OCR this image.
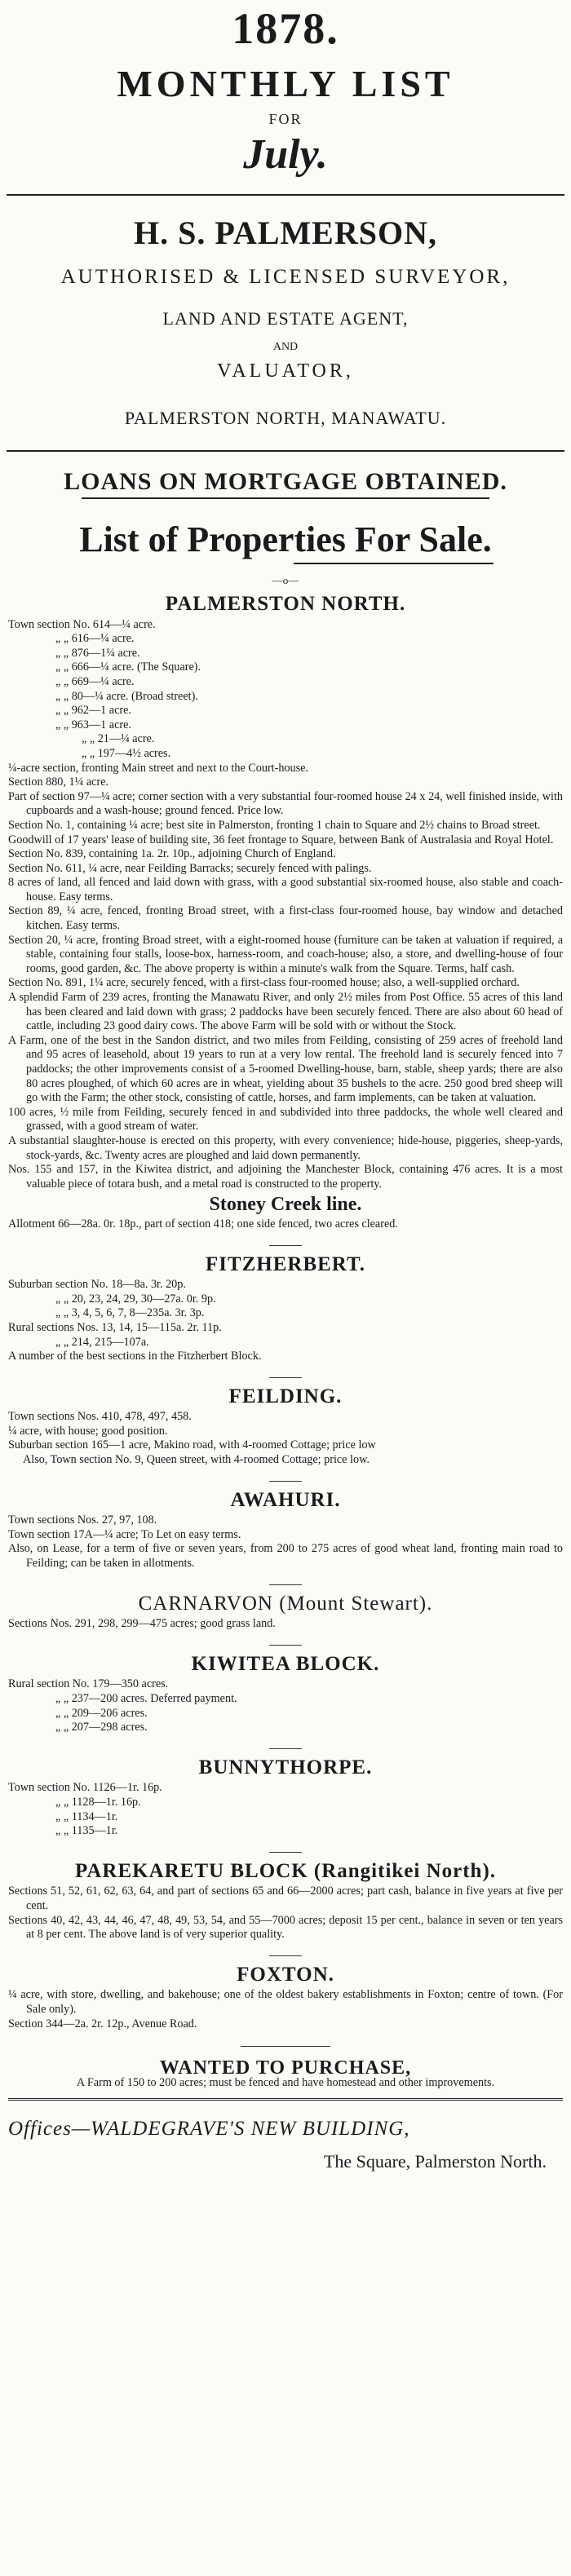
1878.
MONTHLY LIST
FOR
July.
H. S. PALMERSON,
AUTHORISED & LICENSED SURVEYOR,
LAND AND ESTATE AGENT,
AND
VALUATOR,
PALMERSTON NORTH, MANAWATU.
LOANS ON MORTGAGE OBTAINED.
List of Properties For Sale.
—o—
PALMERSTON NORTH.
Town section No. 614—¼ acre.
„ „ 616—¼ acre.
„ „ 876—1¼ acre.
„ „ 666—¼ acre. (The Square).
„ „ 669—¼ acre.
„ „ 80—¼ acre. (Broad street).
„ „ 962—1 acre.
„ „ 963—1 acre.
„ „ 21—¼ acre.
„ „ 197—4½ acres.
¼-acre section, fronting Main street and next to the Court-house.
Section 880, 1¼ acre.
Part of section 97—¼ acre; corner section with a very substantial four-roomed house 24 x 24, well finished inside, with cupboards and a wash-house; ground fenced. Price low.
Section No. 1, containing ¼ acre; best site in Palmerston, fronting 1 chain to Square and 2½ chains to Broad street.
Goodwill of 17 years' lease of building site, 36 feet frontage to Square, between Bank of Australasia and Royal Hotel.
Section No. 839, containing 1a. 2r. 10p., adjoining Church of England.
Section No. 611, ¼ acre, near Feilding Barracks; securely fenced with palings.
8 acres of land, all fenced and laid down with grass, with a good substantial six-roomed house, also stable and coach-house. Easy terms.
Section 89, ¼ acre, fenced, fronting Broad street, with a first-class four-roomed house, bay window and detached kitchen. Easy terms.
Section 20, ¼ acre, fronting Broad street, with a eight-roomed house (furniture can be taken at valuation if required, a stable, containing four stalls, loose-box, harness-room, and coach-house; also, a store, and dwelling-house of four rooms, good garden, &c. The above property is within a minute's walk from the Square. Terms, half cash.
Section No. 891, 1¼ acre, securely fenced, with a first-class four-roomed house; also, a well-supplied orchard.
A splendid Farm of 239 acres, fronting the Manawatu River, and only 2½ miles from Post Office. 55 acres of this land has been cleared and laid down with grass; 2 paddocks have been securely fenced. There are also about 60 head of cattle, including 23 good dairy cows. The above Farm will be sold with or without the Stock.
A Farm, one of the best in the Sandon district, and two miles from Feilding, consisting of 259 acres of freehold land and 95 acres of leasehold, about 19 years to run at a very low rental. The freehold land is securely fenced into 7 paddocks; the other improvements consist of a 5-roomed Dwelling-house, barn, stable, sheep yards; there are also 80 acres ploughed, of which 60 acres are in wheat, yielding about 35 bushels to the acre. 250 good bred sheep will go with the Farm; the other stock, consisting of cattle, horses, and farm implements, can be taken at valuation.
100 acres, ½ mile from Feilding, securely fenced in and subdivided into three paddocks, the whole well cleared and grassed, with a good stream of water.
A substantial slaughter-house is erected on this property, with every convenience; hide-house, piggeries, sheep-yards, stock-yards, &c. Twenty acres are ploughed and laid down permanently.
Nos. 155 and 157, in the Kiwitea district, and adjoining the Manchester Block, containing 476 acres. It is a most valuable piece of totara bush, and a metal road is constructed to the property.
Stoney Creek line.
Allotment 66—28a. 0r. 18p., part of section 418; one side fenced, two acres cleared.
FITZHERBERT.
Suburban section No. 18—8a. 3r. 20p.
„ „ 20, 23, 24, 29, 30—27a. 0r. 9p.
„ „ 3, 4, 5, 6, 7, 8—235a. 3r. 3p.
Rural sections Nos. 13, 14, 15—115a. 2r. 11p.
„ „ 214, 215—107a.
A number of the best sections in the Fitzherbert Block.
FEILDING.
Town sections Nos. 410, 478, 497, 458.
¼ acre, with house; good position.
Suburban section 165—1 acre, Makino road, with 4-roomed Cottage; price low
Also, Town section No. 9, Queen street, with 4-roomed Cottage; price low.
AWAHURI.
Town sections Nos. 27, 97, 108.
Town section 17A—¼ acre; To Let on easy terms.
Also, on Lease, for a term of five or seven years, from 200 to 275 acres of good wheat land, fronting main road to Feilding; can be taken in allotments.
CARNARVON (Mount Stewart).
Sections Nos. 291, 298, 299—475 acres; good grass land.
KIWITEA BLOCK.
Rural section No. 179—350 acres.
„ „ 237—200 acres. Deferred payment.
„ „ 209—206 acres.
„ „ 207—298 acres.
BUNNYTHORPE.
Town section No. 1126—1r. 16p.
„ „ 1128—1r. 16p.
„ „ 1134—1r.
„ „ 1135—1r.
PAREKARETU BLOCK (Rangitikei North).
Sections 51, 52, 61, 62, 63, 64, and part of sections 65 and 66—2000 acres; part cash, balance in five years at five per cent.
Sections 40, 42, 43, 44, 46, 47, 48, 49, 53, 54, and 55—7000 acres; deposit 15 per cent., balance in seven or ten years at 8 per cent. The above land is of very superior quality.
FOXTON.
¼ acre, with store, dwelling, and bakehouse; one of the oldest bakery establishments in Foxton; centre of town. (For Sale only).
Section 344—2a. 2r. 12p., Avenue Road.
WANTED TO PURCHASE,
A Farm of 150 to 200 acres; must be fenced and have homestead and other improvements.
Offices—WALDEGRAVE'S NEW BUILDING,
The Square, Palmerston North.
